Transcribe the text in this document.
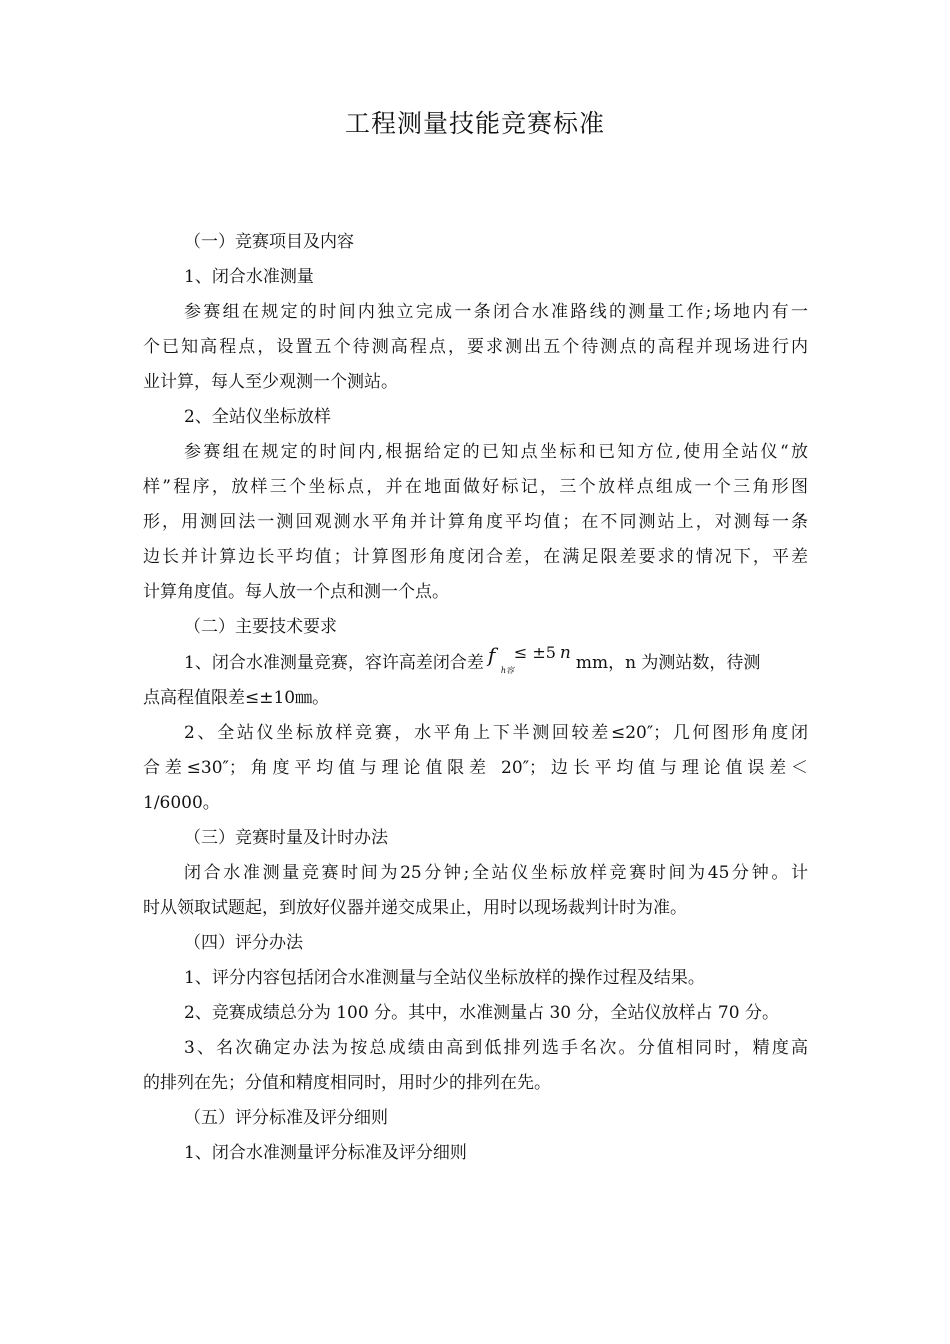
工程测量技能竞赛标准
（一）竞赛项目及内容
1、闭合水准测量
参赛组在规定的时间内独立完成一条闭合水准路线的测量工作;场地内有一
个已知高程点，设置五个待测高程点，要求测出五个待测点的高程并现场进行内
业计算，每人至少观测一个测站。
2、全站仪坐标放样
参赛组在规定的时间内,根据给定的已知点坐标和已知方位,使用全站仪“放
样”程序，放样三个坐标点，并在地面做好标记，三个放样点组成一个三角形图
形，用测回法一测回观测水平角并计算角度平均值；在不同测站上，对测每一条
边长并计算边长平均值；计算图形角度闭合差，在满足限差要求的情况下，平差
计算角度值。每人放一个点和测一个点。
（二）主要技术要求
1、闭合水准测量竞赛，容许高差闭合差 f
h容
≤ ±5 n mm，n 为测站数，待测
点高程值限差≤±10㎜。
2、全站仪坐标放样竞赛，水平角上下半测回较差≤20″；几何图形角度闭
合差≤30″；角度平均值与理论值限差 20″；边长平均值与理论值误差＜
1/6000。
（三）竞赛时量及计时办法
闭合水准测量竞赛时间为25分钟;全站仪坐标放样竞赛时间为45分钟。计
时从领取试题起，到放好仪器并递交成果止，用时以现场裁判计时为准。
（四）评分办法
1、评分内容包括闭合水准测量与全站仪坐标放样的操作过程及结果。
2、竞赛成绩总分为 100 分。其中，水准测量占 30 分，全站仪放样占 70 分。
3、名次确定办法为按总成绩由高到低排列选手名次。分值相同时，精度高
的排列在先；分值和精度相同时，用时少的排列在先。
（五）评分标准及评分细则
1、闭合水准测量评分标准及评分细则
